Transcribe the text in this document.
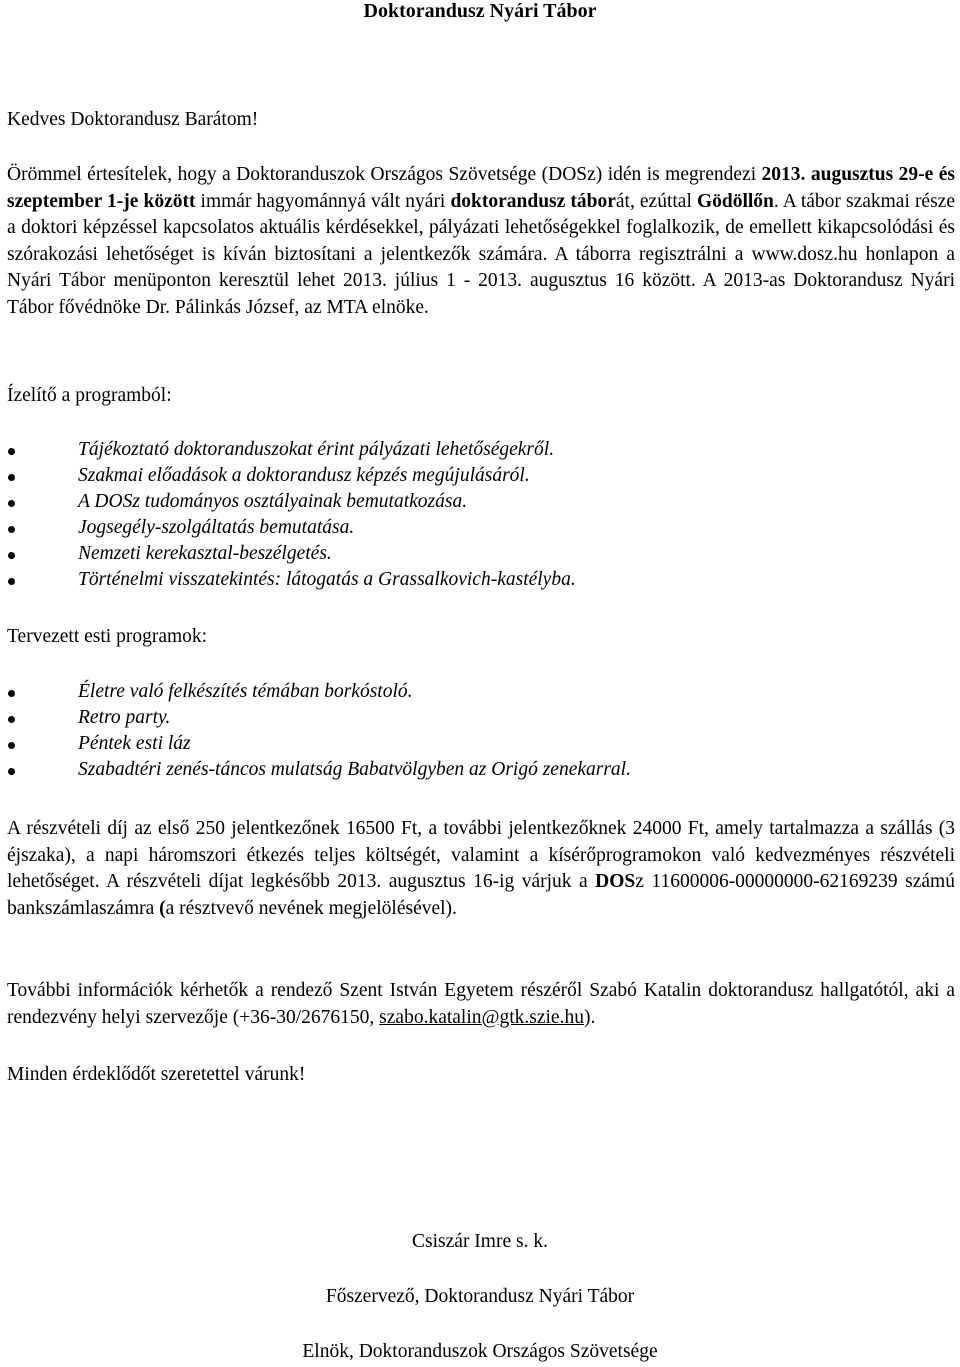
Doktorandusz Nyári Tábor
Kedves Doktorandusz Barátom!
Örömmel értesítelek, hogy a Doktoranduszok Országos Szövetsége (DOSz) idén is megrendezi 2013. augusztus 29-e és szeptember 1-je között immár hagyománnyá vált nyári doktorandusz táborát, ezúttal Gödöllőn. A tábor szakmai része a doktori képzéssel kapcsolatos aktuális kérdésekkel, pályázati lehetőségekkel foglalkozik, de emellett kikapcsolódási és szórakozási lehetőséget is kíván biztosítani a jelentkezők számára. A táborra regisztrálni a www.dosz.hu honlapon a Nyári Tábor menüponton keresztül lehet 2013. július 1 - 2013. augusztus 16 között. A 2013-as Doktorandusz Nyári Tábor fővédnöke Dr. Pálinkás József, az MTA elnöke.
Ízelítő a programból:
Tájékoztató doktoranduszokat érint pályázati lehetőségekről.
Szakmai előadások a doktorandusz képzés megújulásáról.
A DOSz tudományos osztályainak bemutatkozása.
Jogsegély-szolgáltatás bemutatása.
Nemzeti kerekasztal-beszélgetés.
Történelmi visszatekintés: látogatás a Grassalkovich-kastélyba.
Tervezett esti programok:
Életre való felkészítés témában borkóstoló.
Retro party.
Péntek esti láz
Szabadtéri zenés-táncos mulatság Babatvölgyben az Origó zenekarral.
A részvételi díj az első 250 jelentkezőnek 16500 Ft, a további jelentkezőknek 24000 Ft, amely tartalmazza a szállás (3 éjszaka), a napi háromszori étkezés teljes költségét, valamint a kísérőprogramokon való kedvezményes részvételi lehetőséget. A részvételi díjat legkésőbb 2013. augusztus 16-ig várjuk a DOSz 11600006-00000000-62169239 számú bankszámlaszámra (a résztvevő nevének megjelölésével).
További információk kérhetők a rendező Szent István Egyetem részéről Szabó Katalin doktorandusz hallgatótól, aki a rendezvény helyi szervezője (+36-30/2676150, szabo.katalin@gtk.szie.hu).
Minden érdeklődőt szeretettel várunk!
Csiszár Imre s. k.
Főszervező, Doktorandusz Nyári Tábor
Elnök, Doktoranduszok Országos Szövetsége
